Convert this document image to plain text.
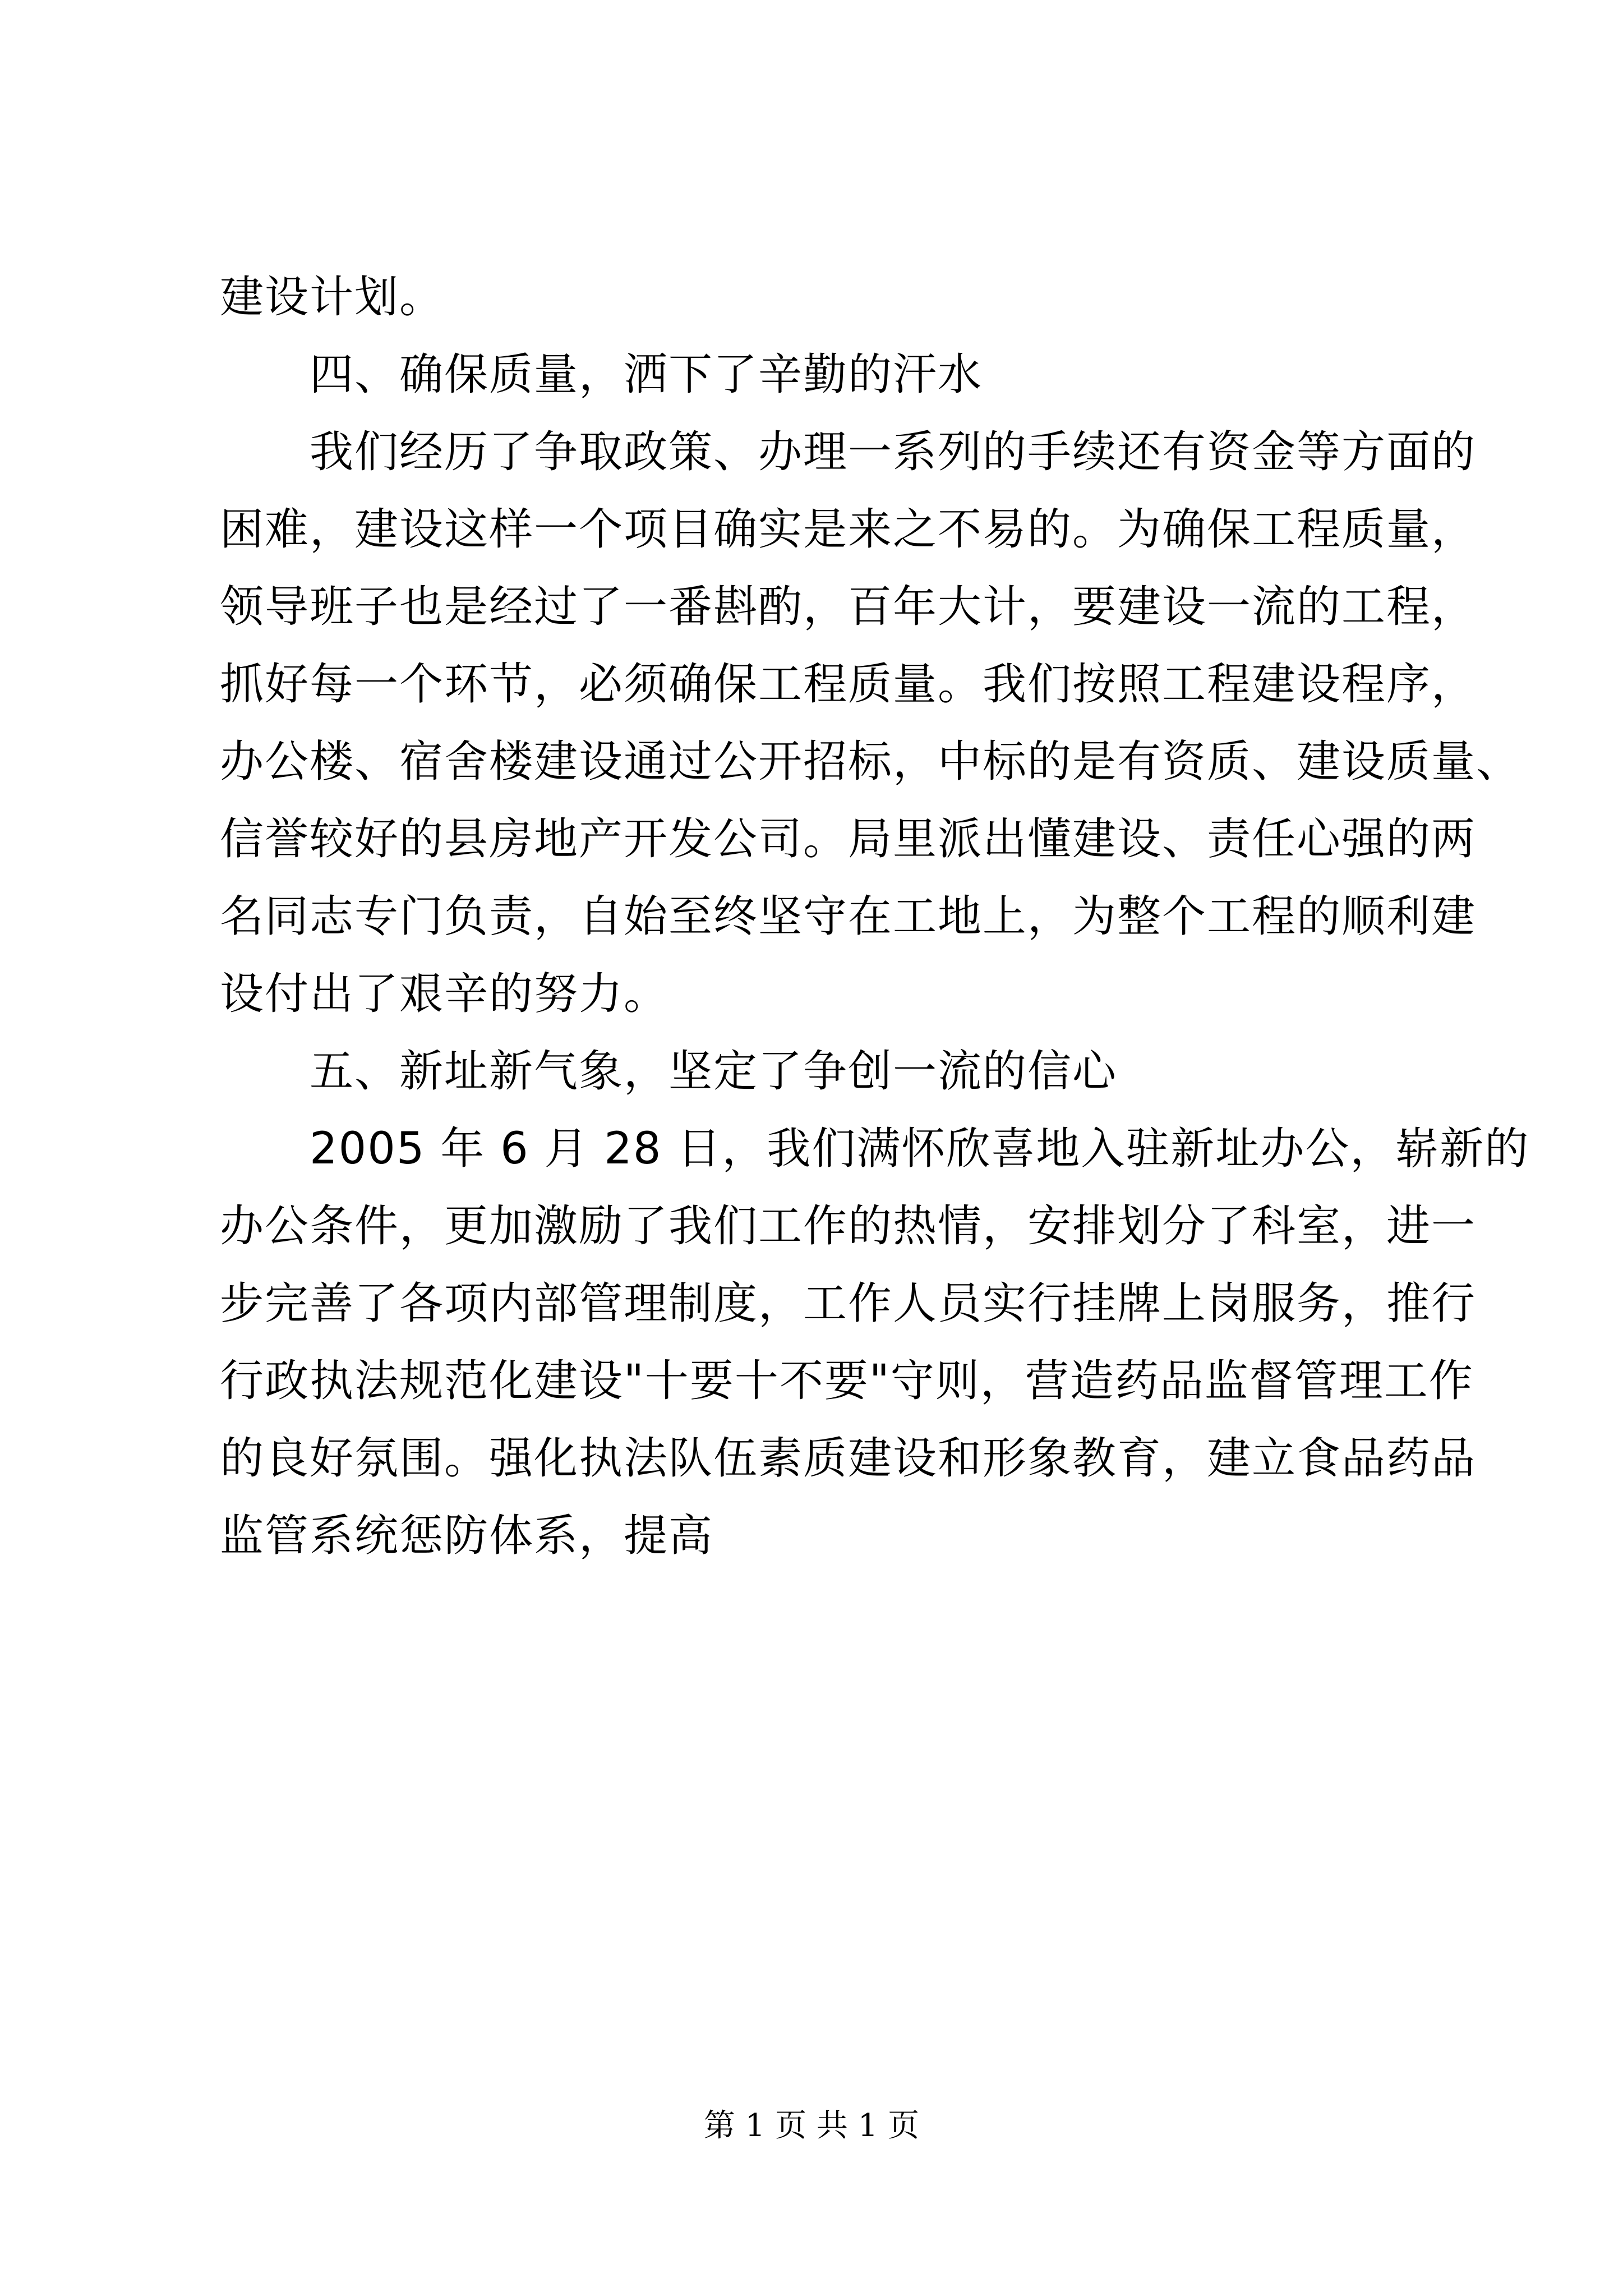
建设计划。
四、确保质量，洒下了辛勤的汗水
我们经历了争取政策、办理一系列的手续还有资金等方面的
困难，建设这样一个项目确实是来之不易的。为确保工程质量，
领导班子也是经过了一番斟酌，百年大计，要建设一流的工程，
抓好每一个环节，必须确保工程质量。我们按照工程建设程序，
办公楼、宿舍楼建设通过公开招标，中标的是有资质、建设质量、
信誉较好的县房地产开发公司。局里派出懂建设、责任心强的两
名同志专门负责，自始至终坚守在工地上，为整个工程的顺利建
设付出了艰辛的努力。
五、新址新气象，坚定了争创一流的信心
2005 年 6 月 28 日，我们满怀欣喜地入驻新址办公，崭新的
办公条件，更加激励了我们工作的热情，安排划分了科室，进一
步完善了各项内部管理制度，工作人员实行挂牌上岗服务，推行
行政执法规范化建设"十要十不要"守则，营造药品监督管理工作
的良好氛围。强化执法队伍素质建设和形象教育，建立食品药品
监管系统惩防体系，提高
第 1 页 共 1 页
